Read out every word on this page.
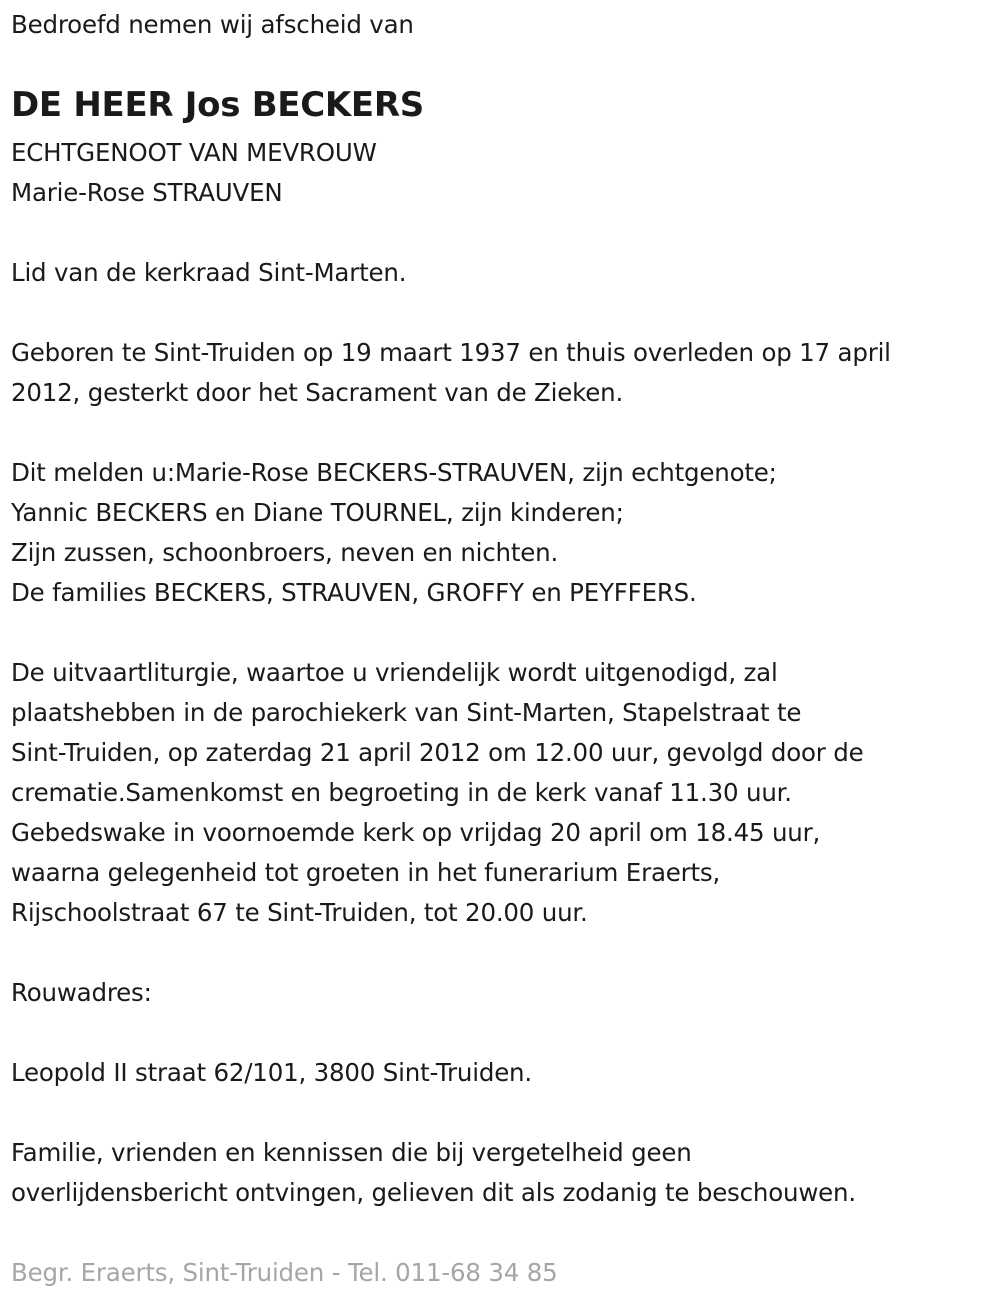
Bedroefd nemen wij afscheid van
DE HEER Jos BECKERS
ECHTGENOOT VAN MEVROUW
Marie-Rose STRAUVEN
Lid van de kerkraad Sint-Marten.
Geboren te Sint-Truiden op 19 maart 1937 en thuis overleden op 17 april
2012, gesterkt door het Sacrament van de Zieken.
Dit melden u:Marie-Rose BECKERS-STRAUVEN, zijn echtgenote;
Yannic BECKERS en Diane TOURNEL, zijn kinderen;
Zijn zussen, schoonbroers, neven en nichten.
De families BECKERS, STRAUVEN, GROFFY en PEYFFERS.
De uitvaartliturgie, waartoe u vriendelijk wordt uitgenodigd, zal
plaatshebben in de parochiekerk van Sint-Marten, Stapelstraat te
Sint-Truiden, op zaterdag 21 april 2012 om 12.00 uur, gevolgd door de
crematie.Samenkomst en begroeting in de kerk vanaf 11.30 uur.
Gebedswake in voornoemde kerk op vrijdag 20 april om 18.45 uur,
waarna gelegenheid tot groeten in het funerarium Eraerts,
Rijschoolstraat 67 te Sint-Truiden, tot 20.00 uur.
Rouwadres:
Leopold II straat 62/101, 3800 Sint-Truiden.
Familie, vrienden en kennissen die bij vergetelheid geen
overlijdensbericht ontvingen, gelieven dit als zodanig te beschouwen.
Begr. Eraerts, Sint-Truiden - Tel. 011-68 34 85
